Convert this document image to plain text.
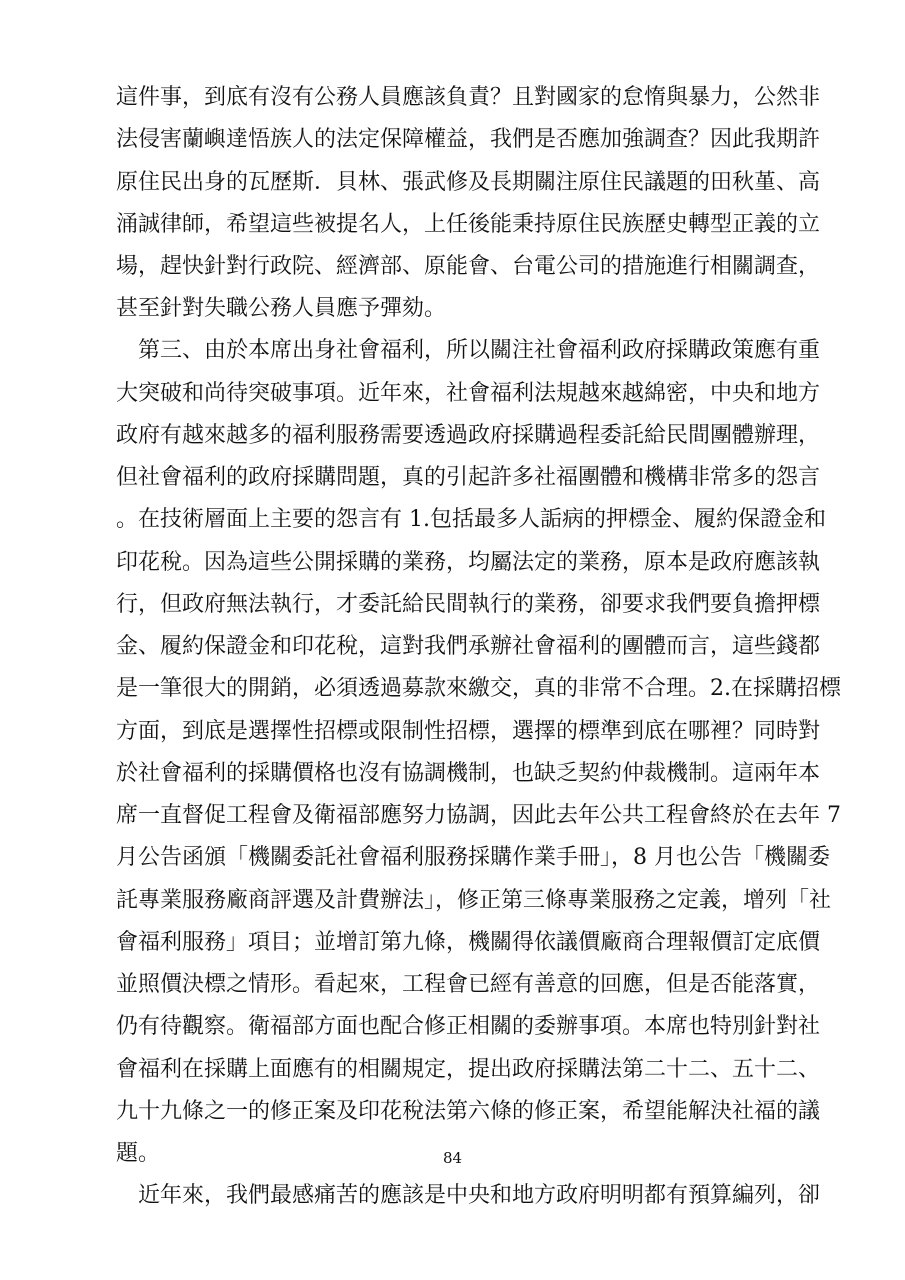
這件事，到底有沒有公務人員應該負責？且對國家的怠惰與暴力，公然非
法侵害蘭嶼達悟族人的法定保障權益，我們是否應加強調查？因此我期許
原住民出身的瓦歷斯．貝林、張武修及長期關注原住民議題的田秋堇、高
涌誠律師，希望這些被提名人，上任後能秉持原住民族歷史轉型正義的立
場，趕快針對行政院、經濟部、原能會、台電公司的措施進行相關調查，
甚至針對失職公務人員應予彈劾。
第三、由於本席出身社會福利，所以關注社會福利政府採購政策應有重
大突破和尚待突破事項。近年來，社會福利法規越來越綿密，中央和地方
政府有越來越多的福利服務需要透過政府採購過程委託給民間團體辦理，
但社會福利的政府採購問題，真的引起許多社福團體和機構非常多的怨言
。在技術層面上主要的怨言有 1.包括最多人詬病的押標金、履約保證金和
印花稅。因為這些公開採購的業務，均屬法定的業務，原本是政府應該執
行，但政府無法執行，才委託給民間執行的業務，卻要求我們要負擔押標
金、履約保證金和印花稅，這對我們承辦社會福利的團體而言，這些錢都
是一筆很大的開銷，必須透過募款來繳交，真的非常不合理。2.在採購招標
方面，到底是選擇性招標或限制性招標，選擇的標準到底在哪裡？同時對
於社會福利的採購價格也沒有協調機制，也缺乏契約仲裁機制。這兩年本
席一直督促工程會及衛福部應努力協調，因此去年公共工程會終於在去年 7
月公告函頒「機關委託社會福利服務採購作業手冊」，8 月也公告「機關委
託專業服務廠商評選及計費辦法」，修正第三條專業服務之定義，增列「社
會福利服務」項目；並增訂第九條，機關得依議價廠商合理報價訂定底價
並照價決標之情形。看起來，工程會已經有善意的回應，但是否能落實，
仍有待觀察。衛福部方面也配合修正相關的委辦事項。本席也特別針對社
會福利在採購上面應有的相關規定，提出政府採購法第二十二、五十二、
九十九條之一的修正案及印花稅法第六條的修正案，希望能解決社福的議
題。
近年來，我們最感痛苦的應該是中央和地方政府明明都有預算編列，卻
84
